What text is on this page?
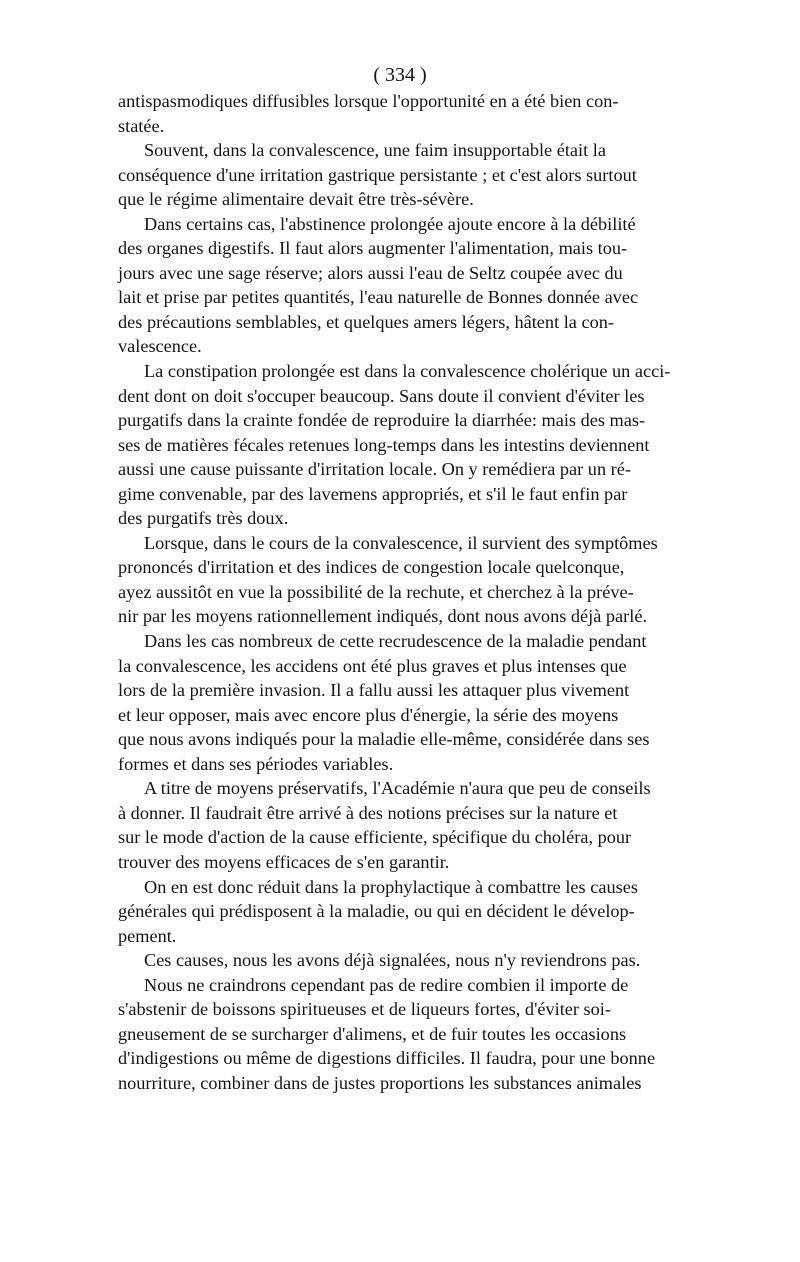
( 334 )
antispasmodiques diffusibles lorsque l'opportunité en a été bien con-
statée.
Souvent, dans la convalescence, une faim insupportable était la
conséquence d'une irritation gastrique persistante ; et c'est alors surtout
que le régime alimentaire devait être très-sévère.
Dans certains cas, l'abstinence prolongée ajoute encore à la débilité
des organes digestifs. Il faut alors augmenter l'alimentation, mais tou-
jours avec une sage réserve; alors aussi l'eau de Seltz coupée avec du
lait et prise par petites quantités, l'eau naturelle de Bonnes donnée avec
des précautions semblables, et quelques amers légers, hâtent la con-
valescence.
La constipation prolongée est dans la convalescence cholérique un acci-
dent dont on doit s'occuper beaucoup. Sans doute il convient d'éviter les
purgatifs dans la crainte fondée de reproduire la diarrhée: mais des mas-
ses de matières fécales retenues long-temps dans les intestins deviennent
aussi une cause puissante d'irritation locale. On y remédiera par un ré-
gime convenable, par des lavemens appropriés, et s'il le faut enfin par
des purgatifs très doux.
Lorsque, dans le cours de la convalescence, il survient des symptômes
prononcés d'irritation et des indices de congestion locale quelconque,
ayez aussitôt en vue la possibilité de la rechute, et cherchez à la préve-
nir par les moyens rationnellement indiqués, dont nous avons déjà parlé.
Dans les cas nombreux de cette recrudescence de la maladie pendant
la convalescence, les accidens ont été plus graves et plus intenses que
lors de la première invasion. Il a fallu aussi les attaquer plus vivement
et leur opposer, mais avec encore plus d'énergie, la série des moyens
que nous avons indiqués pour la maladie elle-même, considérée dans ses
formes et dans ses périodes variables.
A titre de moyens préservatifs, l'Académie n'aura que peu de conseils
à donner. Il faudrait être arrivé à des notions précises sur la nature et
sur le mode d'action de la cause efficiente, spécifique du choléra, pour
trouver des moyens efficaces de s'en garantir.
On en est donc réduit dans la prophylactique à combattre les causes
générales qui prédisposent à la maladie, ou qui en décident le dévelop-
pement.
Ces causes, nous les avons déjà signalées, nous n'y reviendrons pas.
Nous ne craindrons cependant pas de redire combien il importe de
s'abstenir de boissons spiritueuses et de liqueurs fortes, d'éviter soi-
gneusement de se surcharger d'alimens, et de fuir toutes les occasions
d'indigestions ou même de digestions difficiles. Il faudra, pour une bonne
nourriture, combiner dans de justes proportions les substances animales
